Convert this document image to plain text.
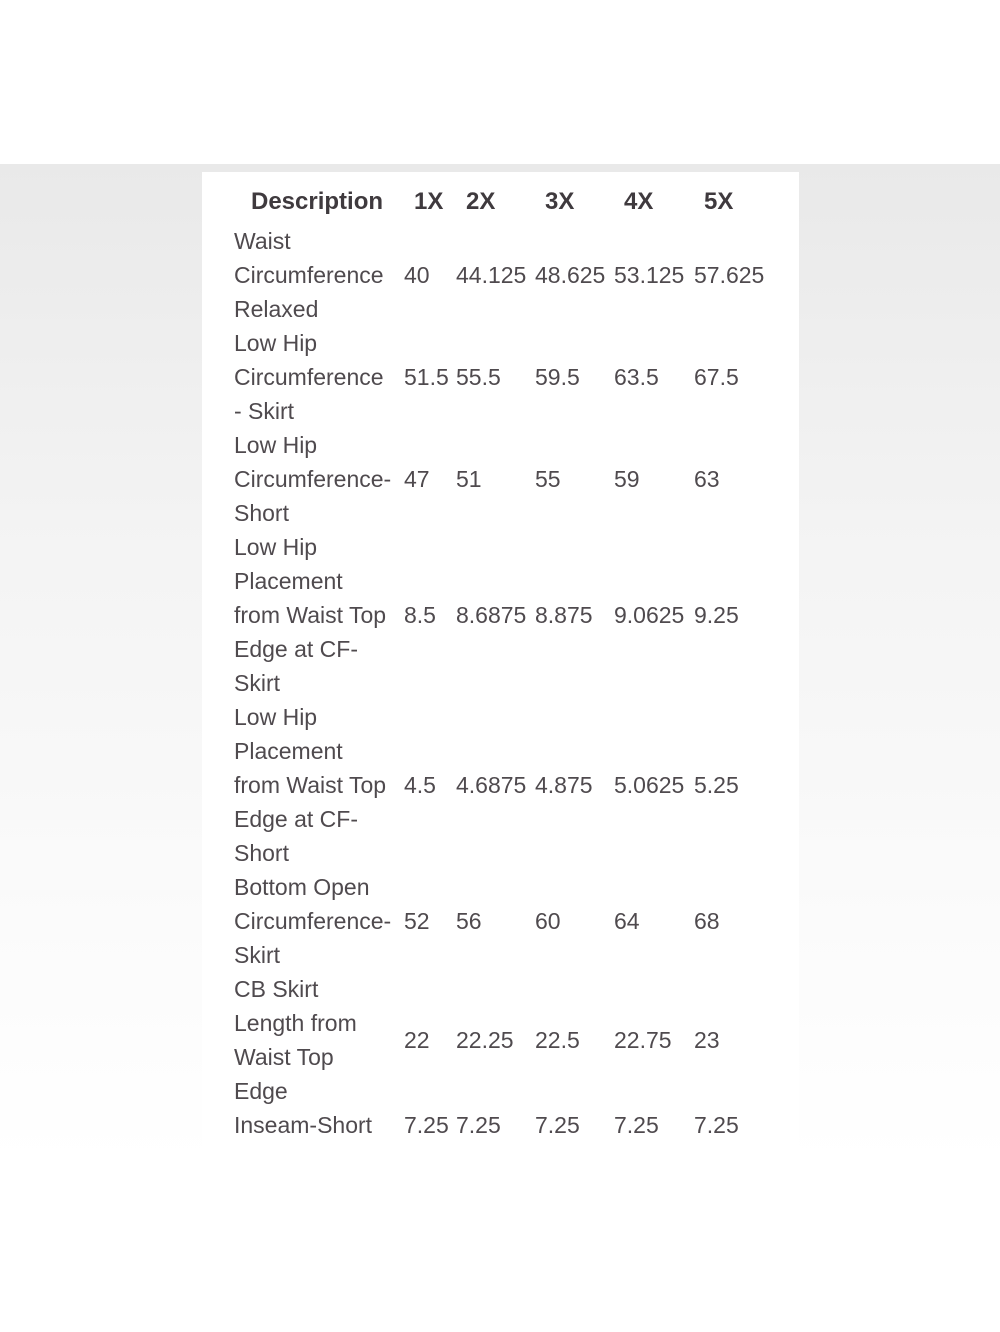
Description	1X	2X	3X	4X	5X

Waist
Circumference
Relaxed	40	44.125	48.625	53.125	57.625

Low Hip
Circumference
- Skirt	51.5	55.5	59.5	63.5	67.5

Low Hip
Circumference-
Short	47	51	55	59	63

Low Hip
Placement
from Waist Top
Edge at CF-
Skirt	8.5	8.6875	8.875	9.0625	9.25

Low Hip
Placement
from Waist Top
Edge at CF-
Short	4.5	4.6875	4.875	5.0625	5.25

Bottom Open
Circumference-
Skirt	52	56	60	64	68

CB Skirt
Length from
Waist Top
Edge	22	22.25	22.5	22.75	23

Inseam-Short	7.25	7.25	7.25	7.25	7.25
